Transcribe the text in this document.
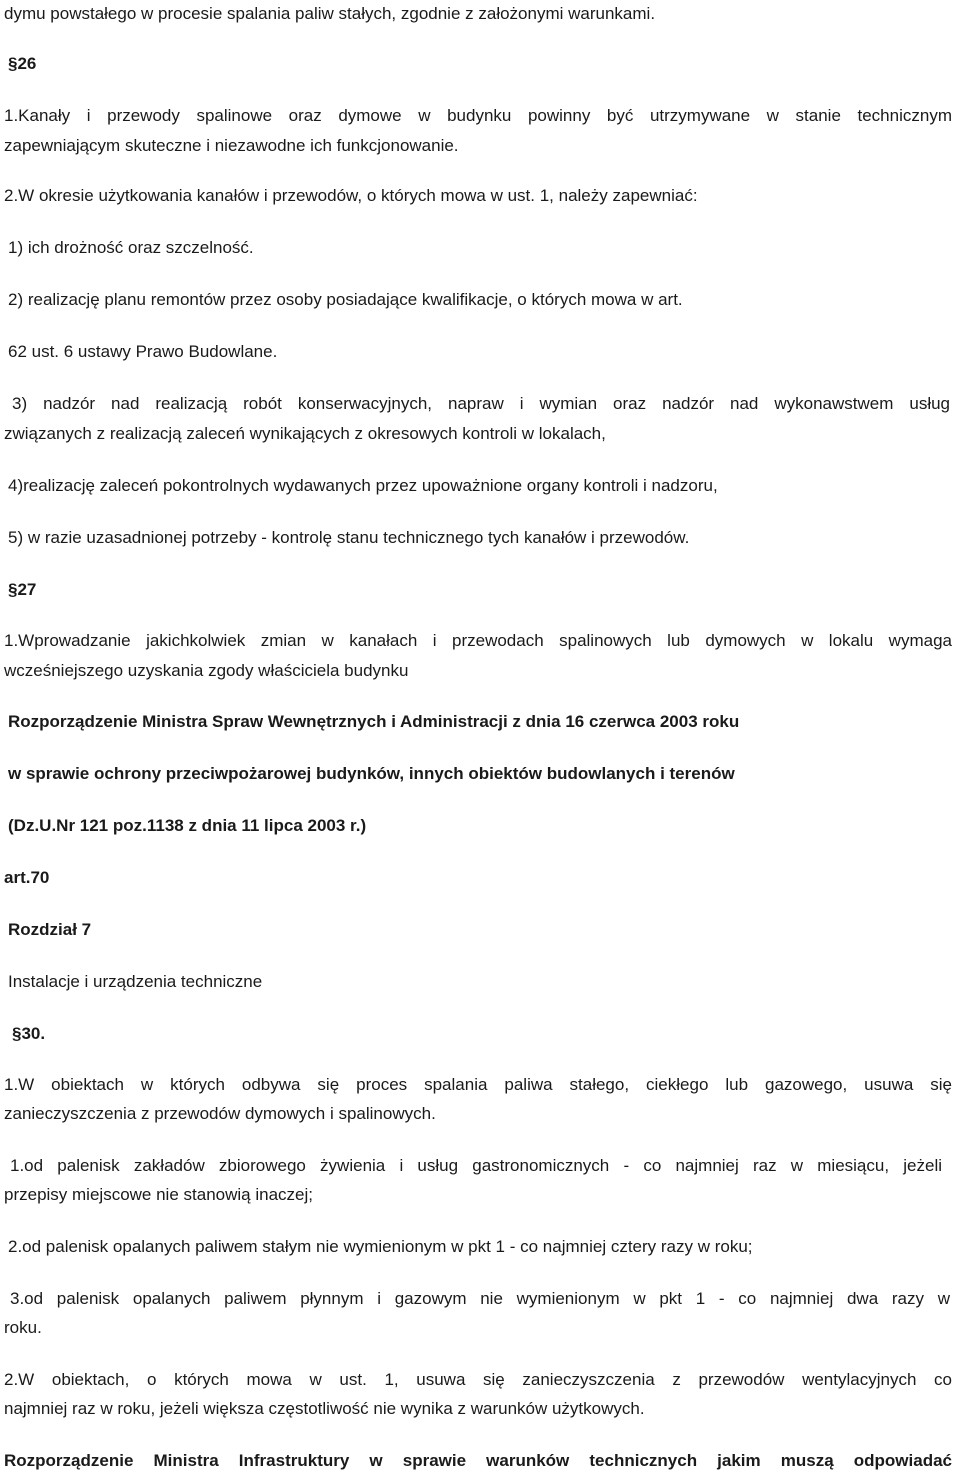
dymu powstałego w procesie spalania paliw stałych, zgodnie z założonymi warunkami.

§26

1.Kanały i przewody spalinowe oraz dymowe w budynku powinny być utrzymywane w stanie technicznym

zapewniającym skuteczne i niezawodne ich funkcjonowanie.

2.W okresie użytkowania kanałów i przewodów, o których mowa w ust. 1, należy zapewniać:

1) ich drożność oraz szczelność.

2) realizację planu remontów przez osoby posiadające kwalifikacje, o których mowa w art.

62 ust. 6 ustawy Prawo Budowlane.

3) nadzór nad realizacją robót konserwacyjnych, napraw i wymian oraz nadzór nad wykonawstwem usług

związanych z realizacją zaleceń wynikających z okresowych kontroli w lokalach,

4)realizację zaleceń pokontrolnych wydawanych przez upoważnione organy kontroli i nadzoru,

5) w razie uzasadnionej potrzeby - kontrolę stanu technicznego tych kanałów i przewodów.

§27

1.Wprowadzanie jakichkolwiek zmian w kanałach i przewodach spalinowych lub dymowych w lokalu wymaga

wcześniejszego uzyskania zgody właściciela budynku

Rozporządzenie Ministra Spraw Wewnętrznych i Administracji z dnia 16 czerwca 2003 roku

w sprawie ochrony przeciwpożarowej budynków, innych obiektów budowlanych i terenów

(Dz.U.Nr 121 poz.1138 z dnia 11 lipca 2003 r.)

art.70

Rozdział 7

Instalacje i urządzenia techniczne

§30.

1.W obiektach w których odbywa się proces spalania paliwa stałego, ciekłego lub gazowego, usuwa się

zanieczyszczenia z przewodów dymowych i spalinowych.

1.od palenisk zakładów zbiorowego żywienia i usług gastronomicznych - co najmniej raz w miesiącu, jeżeli

przepisy miejscowe nie stanowią inaczej;

2.od palenisk opalanych paliwem stałym nie wymienionym w pkt 1 - co najmniej cztery razy w roku;

3.od palenisk opalanych paliwem płynnym i gazowym nie wymienionym w pkt 1 - co najmniej dwa razy w

roku.

2.W obiektach, o których mowa w ust. 1, usuwa się zanieczyszczenia z przewodów wentylacyjnych co

najmniej raz w roku, jeżeli większa częstotliwość nie wynika z warunków użytkowych.

Rozporządzenie Ministra Infrastruktury w sprawie warunków technicznych jakim muszą odpowiadać
